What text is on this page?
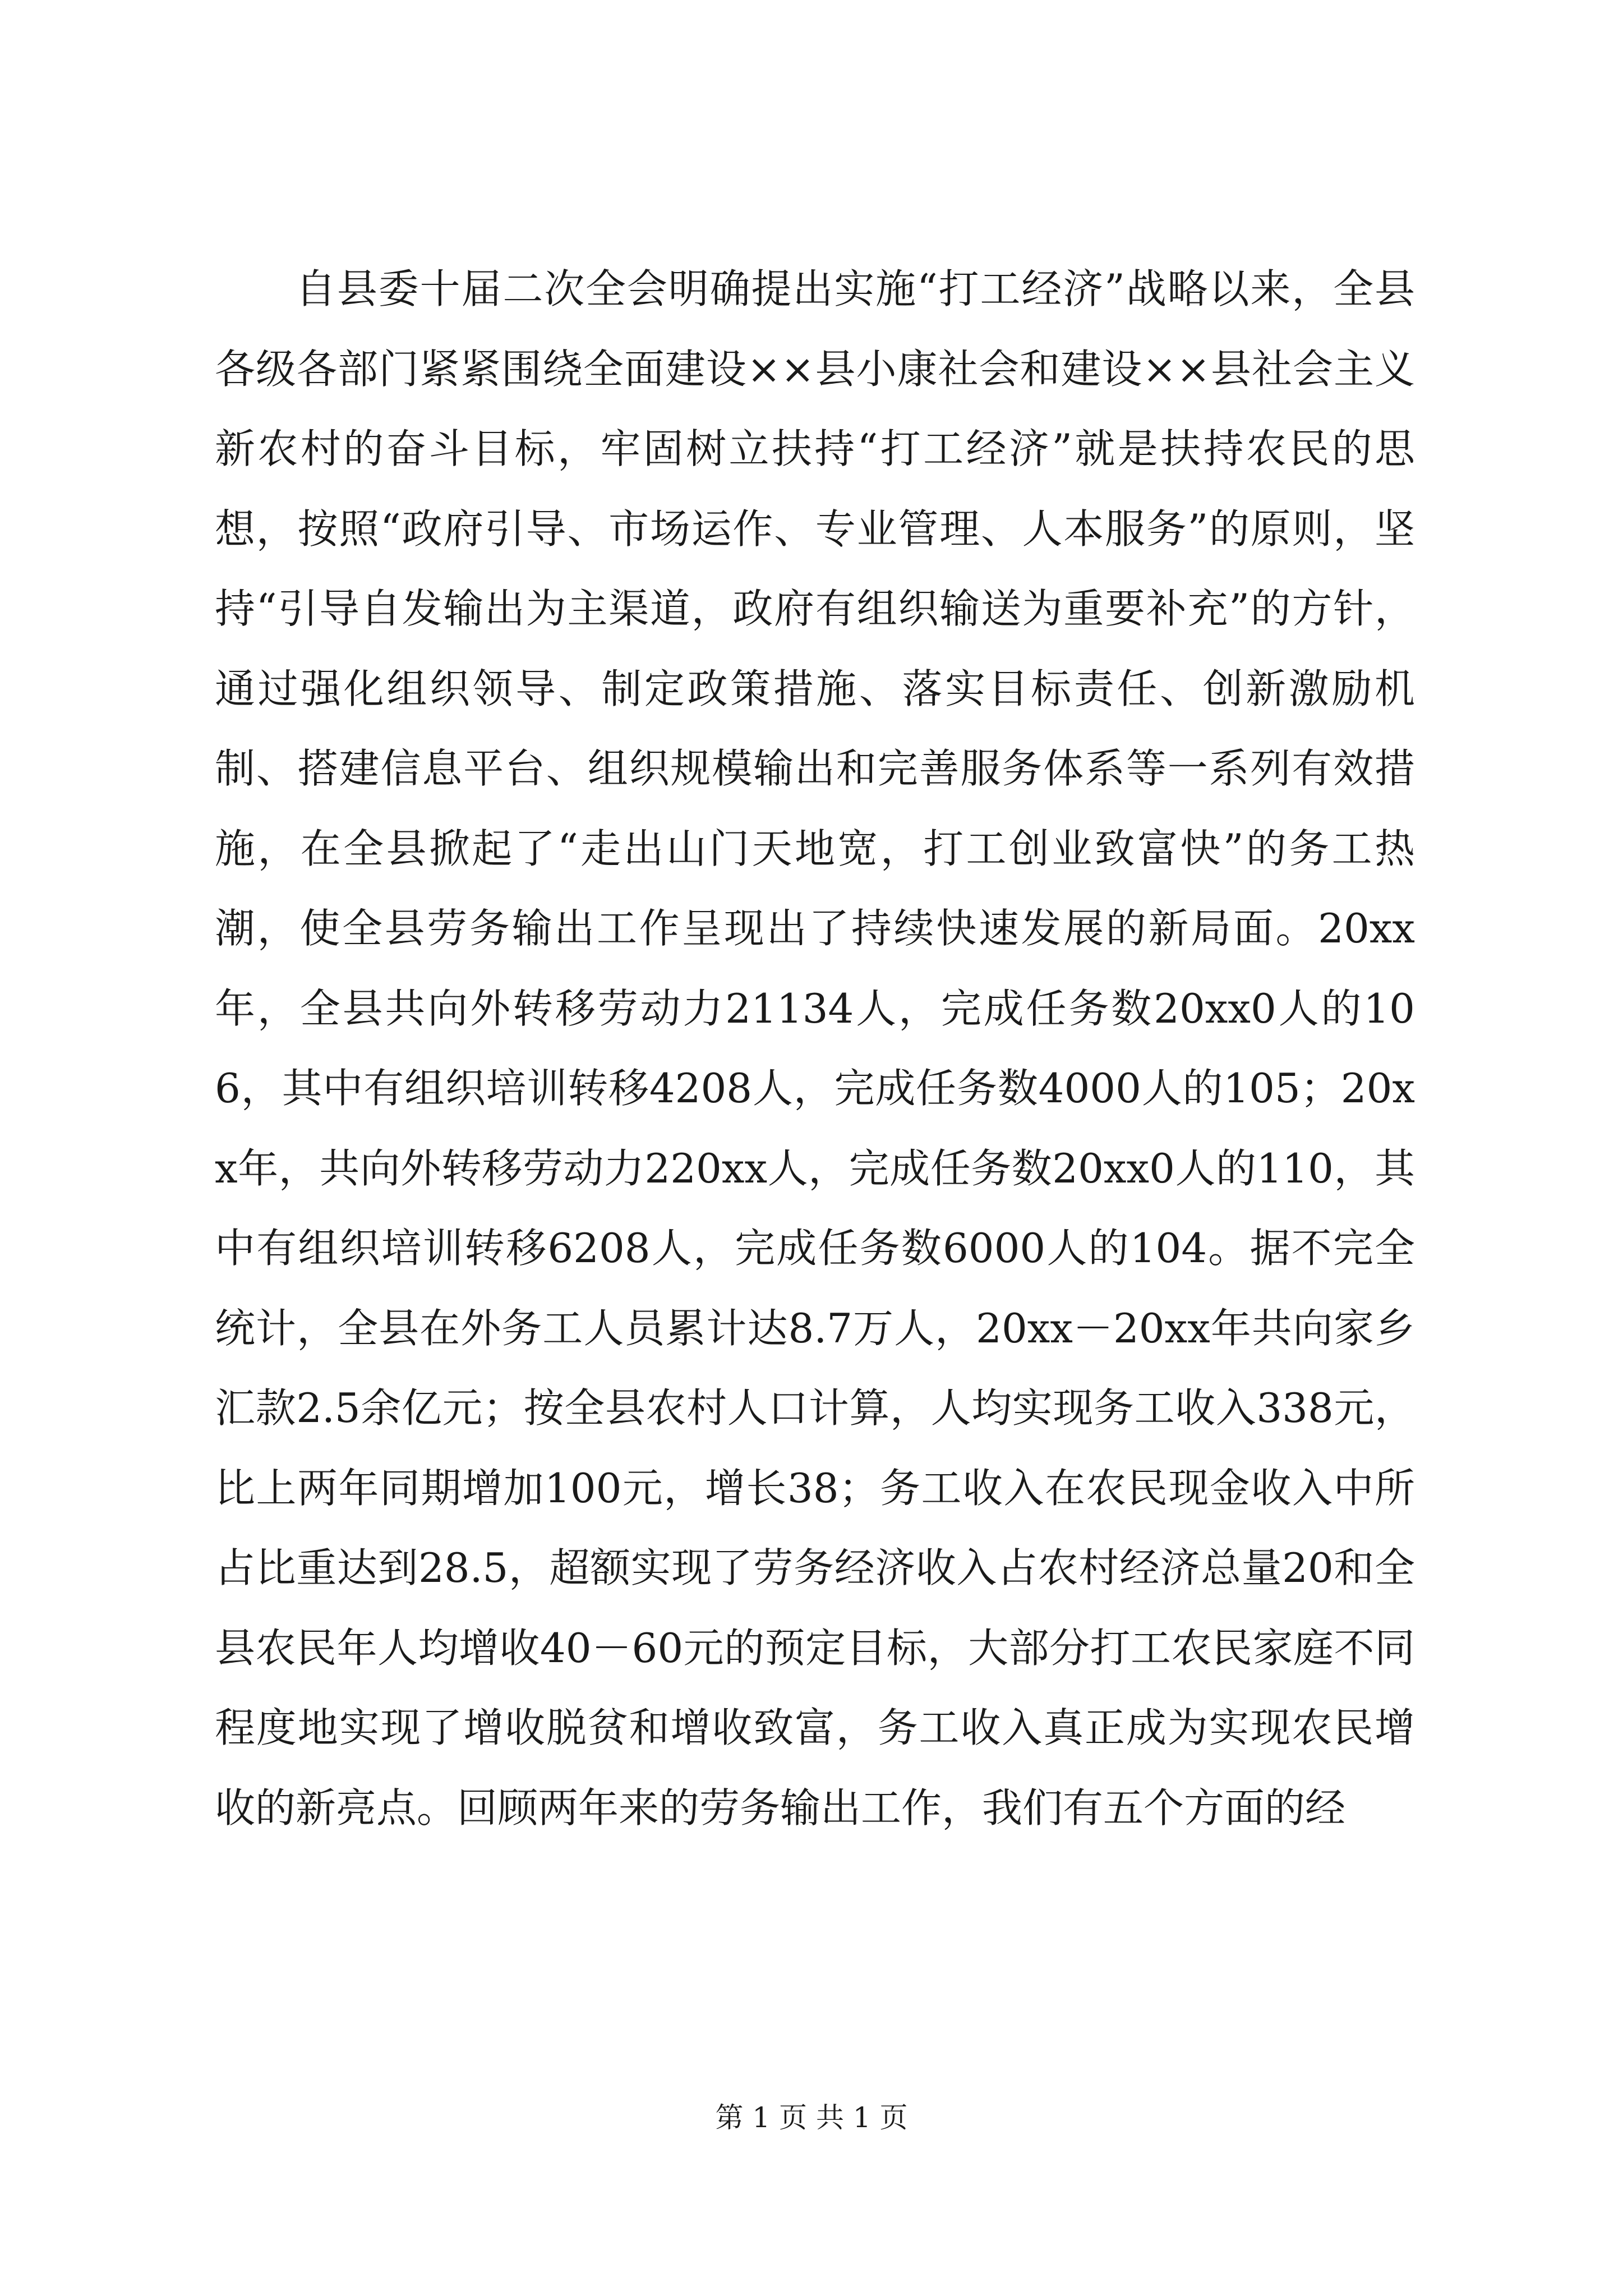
自县委十届二次全会明确提出实施“打工经济”战略以来，全县各级各部门紧紧围绕全面建设××县小康社会和建设××县社会主义新农村的奋斗目标，牢固树立扶持“打工经济”就是扶持农民的思想，按照“政府引导、市场运作、专业管理、人本服务”的原则，坚持“引导自发输出为主渠道，政府有组织输送为重要补充”的方针，通过强化组织领导、制定政策措施、落实目标责任、创新激励机制、搭建信息平台、组织规模输出和完善服务体系等一系列有效措施，在全县掀起了“走出山门天地宽，打工创业致富快”的务工热潮，使全县劳务输出工作呈现出了持续快速发展的新局面。20xx年，全县共向外转移劳动力21134人，完成任务数20xx0人的106，其中有组织培训转移4208人，完成任务数4000人的105；20xx年，共向外转移劳动力220xx人，完成任务数20xx0人的110，其中有组织培训转移6208人，完成任务数6000人的104。据不完全统计，全县在外务工人员累计达8.7万人，20xx－20xx年共向家乡汇款2.5余亿元；按全县农村人口计算，人均实现务工收入338元，比上两年同期增加100元，增长38；务工收入在农民现金收入中所占比重达到28.5，超额实现了劳务经济收入占农村经济总量20和全县农民年人均增收40－60元的预定目标，大部分打工农民家庭不同程度地实现了增收脱贫和增收致富，务工收入真正成为实现农民增收的新亮点。回顾两年来的劳务输出工作，我们有五个方面的经

第 1 页 共 1 页
